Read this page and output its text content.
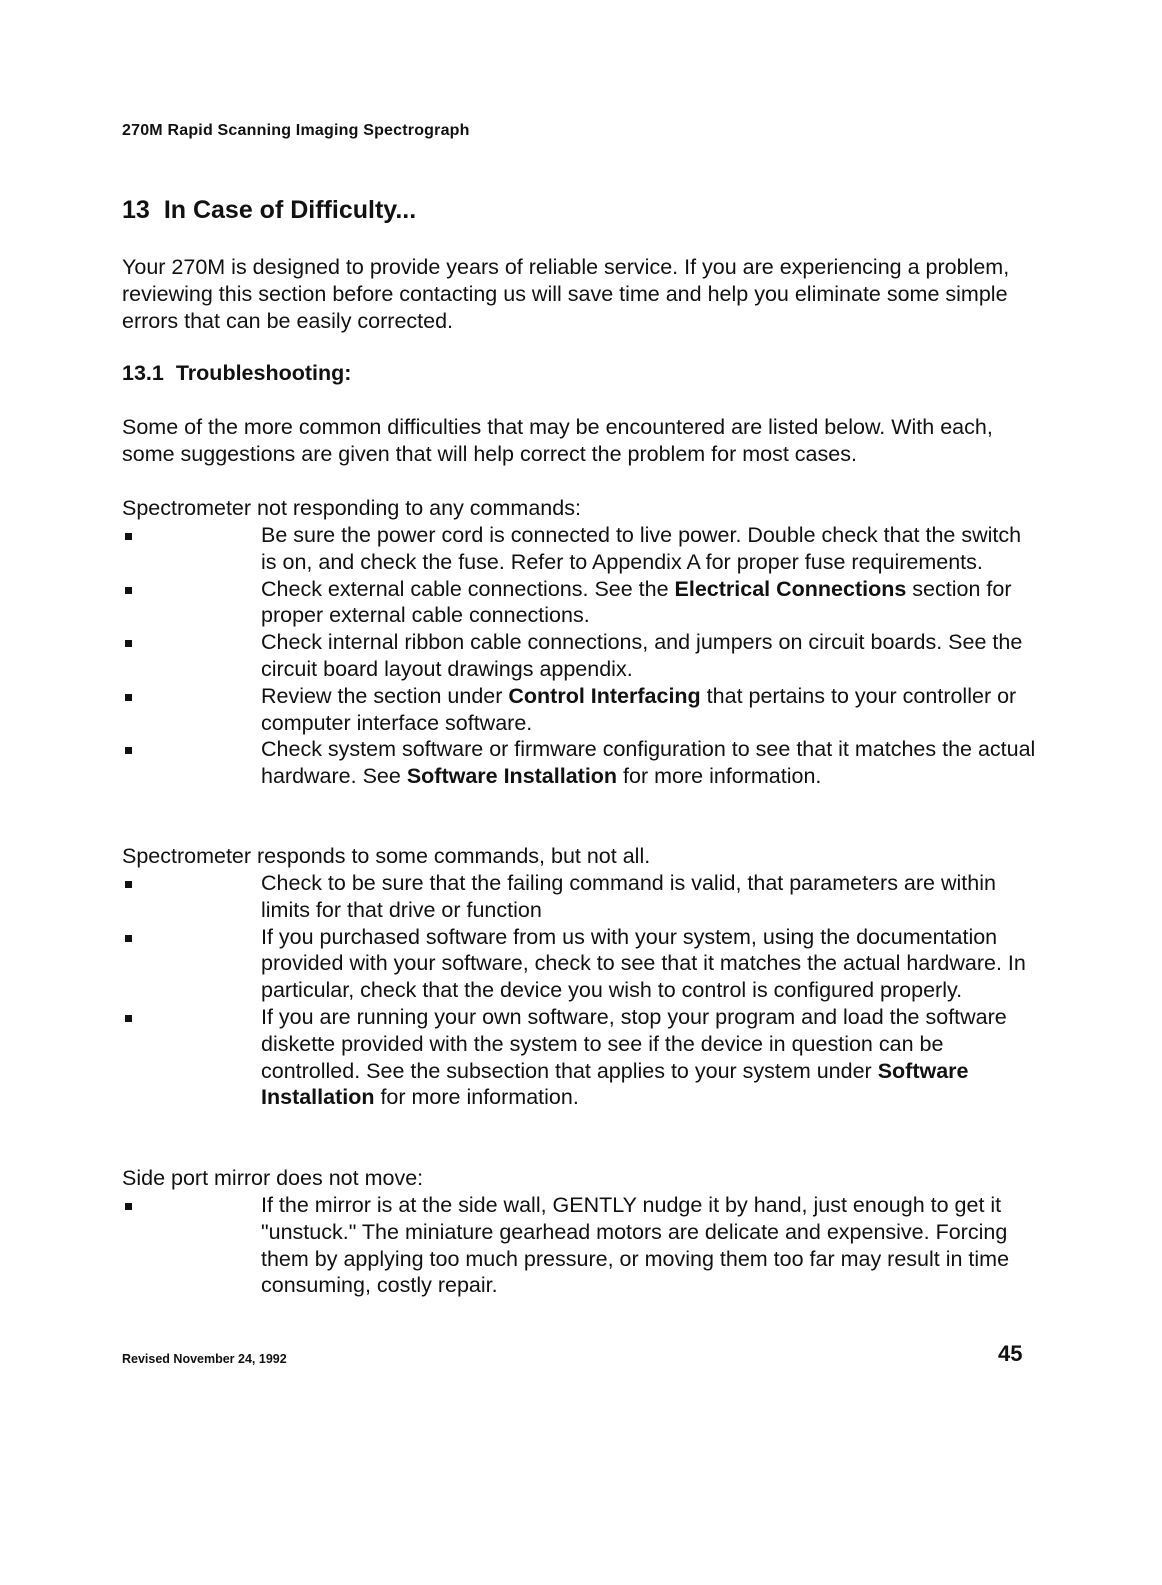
270M Rapid Scanning Imaging Spectrograph
13 In Case of Difficulty...

Your 270M is designed to provide years of reliable service. If you are experiencing a problem, reviewing this section before contacting us will save time and help you eliminate some simple errors that can be easily corrected.

13.1 Troubleshooting:

Some of the more common difficulties that may be encountered are listed below. With each, some suggestions are given that will help correct the problem for most cases.

Spectrometer not responding to any commands:

Be sure the power cord is connected to live power. Double check that the switch is on, and check the fuse. Refer to Appendix A for proper fuse requirements.
Check external cable connections. See the Electrical Connections section for proper external cable connections.
Check internal ribbon cable connections, and jumpers on circuit boards. See the circuit board layout drawings appendix.
Review the section under Control Interfacing that pertains to your controller or computer interface software.
Check system software or firmware configuration to see that it matches the actual hardware. See Software Installation for more information.

Spectrometer responds to some commands, but not all.

Check to be sure that the failing command is valid, that parameters are within limits for that drive or function
If you purchased software from us with your system, using the documentation provided with your software, check to see that it matches the actual hardware. In particular, check that the device you wish to control is configured properly.
If you are running your own software, stop your program and load the software diskette provided with the system to see if the device in question can be controlled. See the subsection that applies to your system under Software Installation for more information.

Side port mirror does not move:

If the mirror is at the side wall, GENTLY nudge it by hand, just enough to get it "unstuck." The miniature gearhead motors are delicate and expensive. Forcing them by applying too much pressure, or moving them too far may result in time consuming, costly repair.
Revised November 24, 1992	45
